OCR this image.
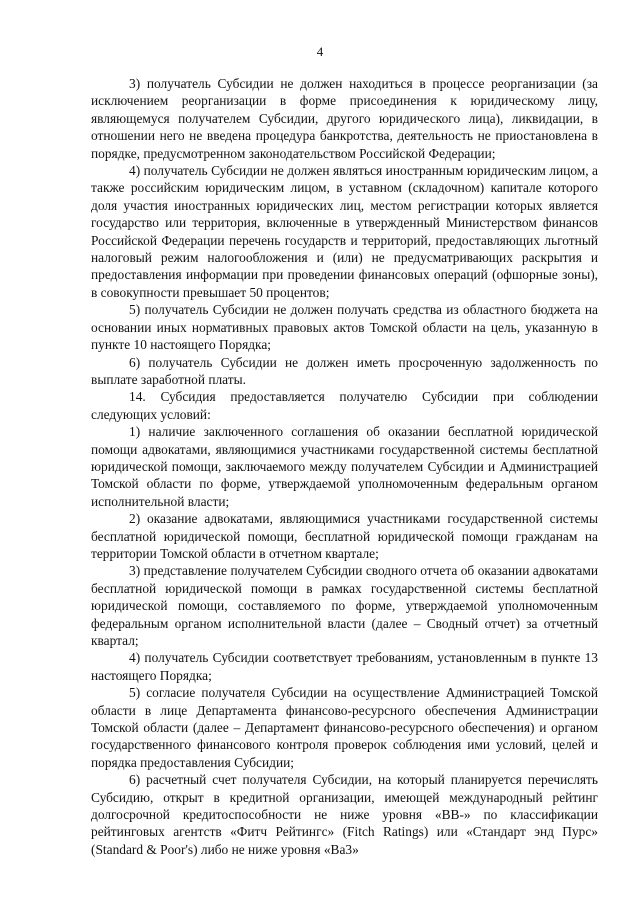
4

3) получатель Субсидии не должен находиться в процессе реорганизации (за исключением реорганизации в форме присоединения к юридическому лицу, являющемуся получателем Субсидии, другого юридического лица), ликвидации, в отношении него не введена процедура банкротства, деятельность не приостановлена в порядке, предусмотренном законодательством Российской Федерации;

4) получатель Субсидии не должен являться иностранным юридическим лицом, а также российским юридическим лицом, в уставном (складочном) капитале которого доля участия иностранных юридических лиц, местом регистрации которых является государство или территория, включенные в утвержденный Министерством финансов Российской Федерации перечень государств и территорий, предоставляющих льготный налоговый режим налогообложения и (или) не предусматривающих раскрытия и предоставления информации при проведении финансовых операций (офшорные зоны), в совокупности превышает 50 процентов;

5) получатель Субсидии не должен получать средства из областного бюджета на основании иных нормативных правовых актов Томской области на цель, указанную в пункте 10 настоящего Порядка;

6) получатель Субсидии не должен иметь просроченную задолженность по выплате заработной платы.

14. Субсидия предоставляется получателю Субсидии при соблюдении следующих условий:

1) наличие заключенного соглашения об оказании бесплатной юридической помощи адвокатами, являющимися участниками государственной системы бесплатной юридической помощи, заключаемого между получателем Субсидии и Администрацией Томской области по форме, утверждаемой уполномоченным федеральным органом исполнительной власти;

2) оказание адвокатами, являющимися участниками государственной системы бесплатной юридической помощи, бесплатной юридической помощи гражданам на территории Томской области в отчетном квартале;

3) представление получателем Субсидии сводного отчета об оказании адвокатами бесплатной юридической помощи в рамках государственной системы бесплатной юридической помощи, составляемого по форме, утверждаемой уполномоченным федеральным органом исполнительной власти (далее – Сводный отчет) за отчетный квартал;

4) получатель Субсидии соответствует требованиям, установленным в пункте 13 настоящего Порядка;

5) согласие получателя Субсидии на осуществление Администрацией Томской области в лице Департамента финансово-ресурсного обеспечения Администрации Томской области (далее – Департамент финансово-ресурсного обеспечения) и органом государственного финансового контроля проверок соблюдения ими условий, целей и порядка предоставления Субсидии;

6) расчетный счет получателя Субсидии, на который планируется перечислять Субсидию, открыт в кредитной организации, имеющей международный рейтинг долгосрочной кредитоспособности не ниже уровня «ВВ-» по классификации рейтинговых агентств «Фитч Рейтингс» (Fitch Ratings) или «Стандарт энд Пурс» (Standard & Poor's) либо не ниже уровня «Ва3»
